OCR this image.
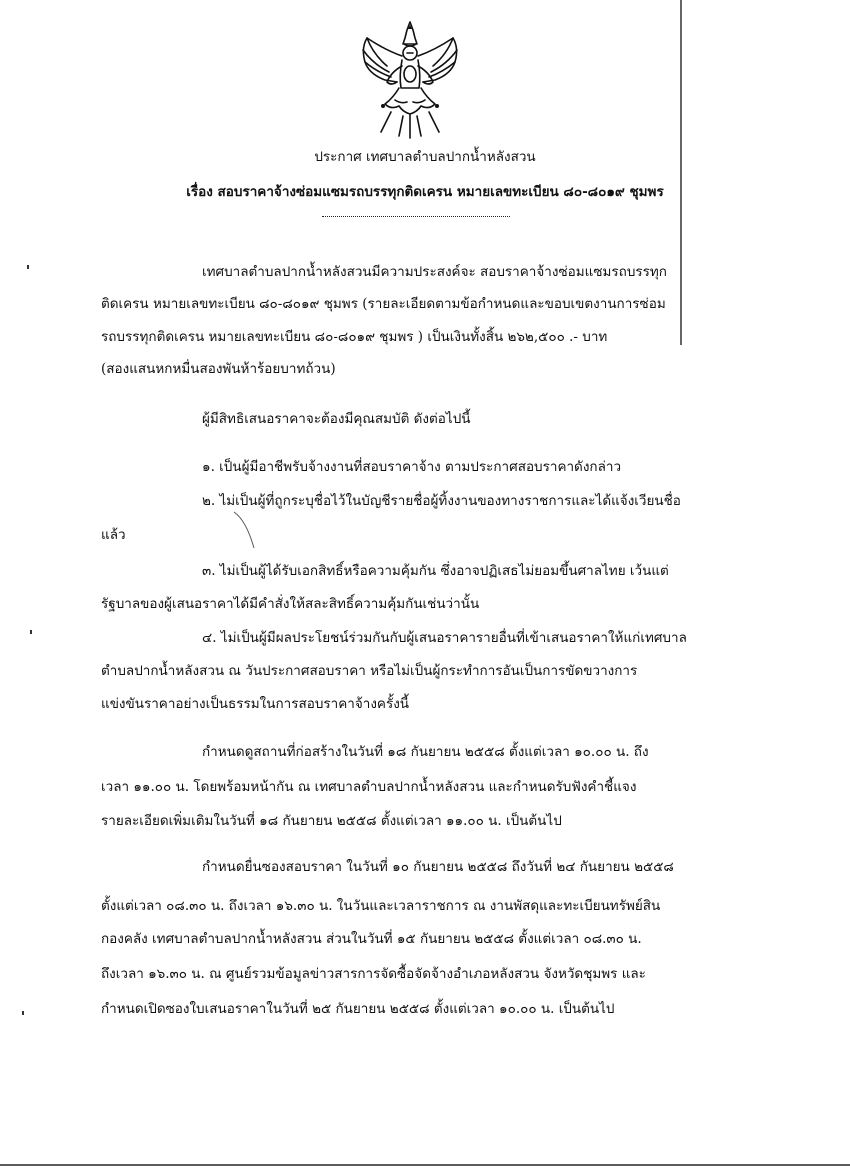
ประกาศ เทศบาลตำบลปากน้ำหลังสวน
เรื่อง สอบราคาจ้างซ่อมแซมรถบรรทุกติดเครน หมายเลขทะเบียน ๘๐-๘๐๑๙ ชุมพร
เทศบาลตำบลปากน้ำหลังสวนมีความประสงค์จะ สอบราคาจ้างซ่อมแซมรถบรรทุก
ติดเครน หมายเลขทะเบียน ๘๐-๘๐๑๙ ชุมพร (รายละเอียดตามข้อกำหนดและขอบเขตงานการซ่อม
รถบรรทุกติดเครน หมายเลขทะเบียน ๘๐-๘๐๑๙ ชุมพร ) เป็นเงินทั้งสิ้น ๒๖๒,๕๐๐ .- บาท
(สองแสนหกหมื่นสองพันห้าร้อยบาทถ้วน)
ผู้มีสิทธิเสนอราคาจะต้องมีคุณสมบัติ ดังต่อไปนี้
๑. เป็นผู้มีอาชีพรับจ้างงานที่สอบราคาจ้าง ตามประกาศสอบราคาดังกล่าว
๒. ไม่เป็นผู้ที่ถูกระบุชื่อไว้ในบัญชีรายชื่อผู้ทิ้งงานของทางราชการและได้แจ้งเวียนชื่อ
แล้ว
๓. ไม่เป็นผู้ได้รับเอกสิทธิ์หรือความคุ้มกัน ซึ่งอาจปฏิเสธไม่ยอมขึ้นศาลไทย เว้นแต่
รัฐบาลของผู้เสนอราคาได้มีคำสั่งให้สละสิทธิ์ความคุ้มกันเช่นว่านั้น
๔. ไม่เป็นผู้มีผลประโยชน์ร่วมกันกับผู้เสนอราคารายอื่นที่เข้าเสนอราคาให้แก่เทศบาล
ตำบลปากน้ำหลังสวน ณ วันประกาศสอบราคา หรือไม่เป็นผู้กระทำการอันเป็นการขัดขวางการ
แข่งขันราคาอย่างเป็นธรรมในการสอบราคาจ้างครั้งนี้
กำหนดดูสถานที่ก่อสร้างในวันที่ ๑๘ กันยายน ๒๕๕๘ ตั้งแต่เวลา ๑๐.๐๐ น. ถึง
เวลา ๑๑.๐๐ น. โดยพร้อมหน้ากัน ณ เทศบาลตำบลปากน้ำหลังสวน และกำหนดรับฟังคำชี้แจง
รายละเอียดเพิ่มเติมในวันที่ ๑๘ กันยายน ๒๕๕๘ ตั้งแต่เวลา ๑๑.๐๐ น. เป็นต้นไป
กำหนดยื่นซองสอบราคา ในวันที่ ๑๐ กันยายน ๒๕๕๘ ถึงวันที่ ๒๔ กันยายน ๒๕๕๘
ตั้งแต่เวลา ๐๘.๓๐ น. ถึงเวลา ๑๖.๓๐ น. ในวันและเวลาราชการ ณ งานพัสดุและทะเบียนทรัพย์สิน
กองคลัง เทศบาลตำบลปากน้ำหลังสวน ส่วนในวันที่ ๑๕ กันยายน ๒๕๕๘ ตั้งแต่เวลา ๐๘.๓๐ น.
ถึงเวลา ๑๖.๓๐ น. ณ ศูนย์รวมข้อมูลข่าวสารการจัดซื้อจัดจ้างอำเภอหลังสวน จังหวัดชุมพร และ
กำหนดเปิดซองใบเสนอราคาในวันที่ ๒๕ กันยายน ๒๕๕๘ ตั้งแต่เวลา ๑๐.๐๐ น. เป็นต้นไป
